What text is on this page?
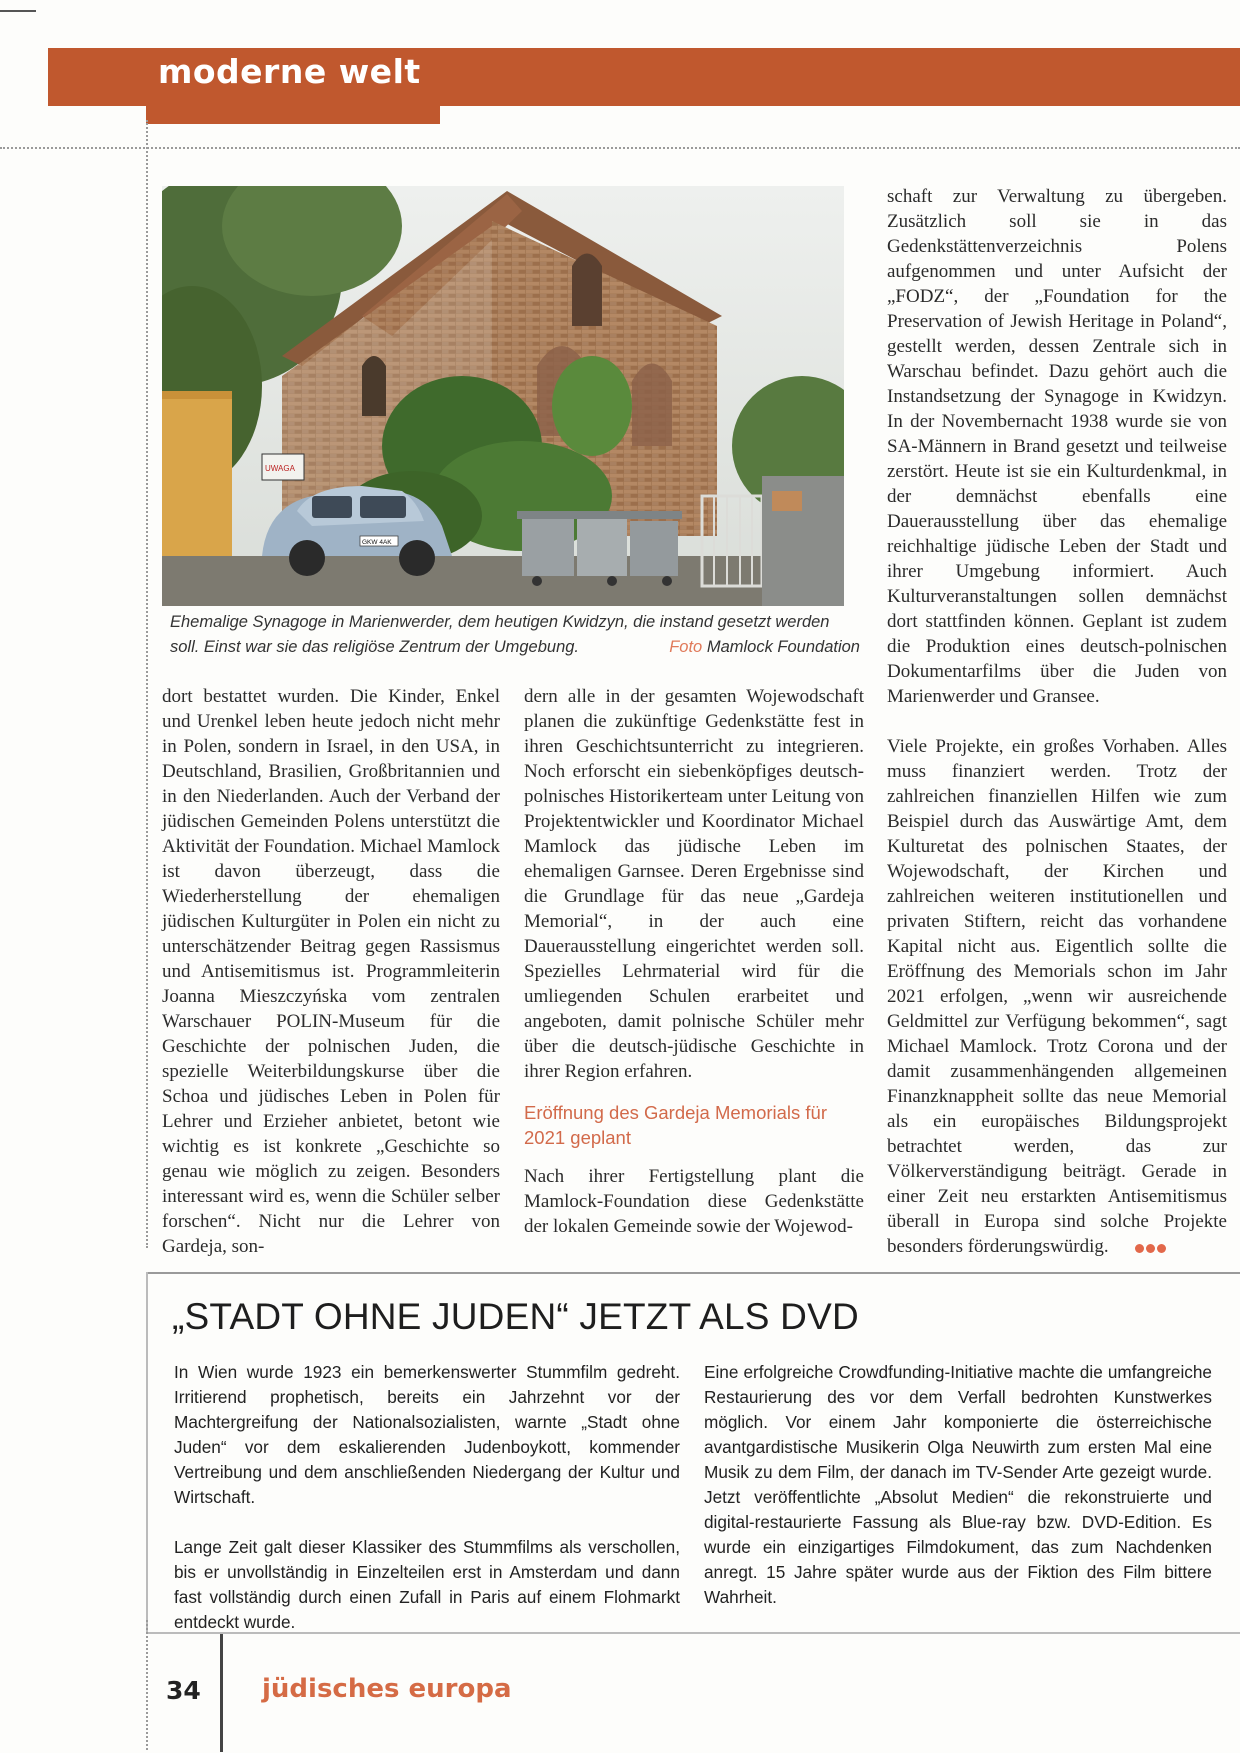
moderne welt
UWAGA
GKW 4AK
Ehemalige Synagoge in Marienwerder, dem heutigen Kwidzyn, die instand gesetzt werden soll. Einst war sie das religiöse Zentrum der Umgebung.	Foto Mamlock Foundation

dort bestattet wurden. Die Kinder, Enkel und Urenkel leben heute jedoch nicht mehr in Polen, sondern in Israel, in den USA, in Deutschland, Brasilien, Großbritannien und in den Niederlanden. Auch der Verband der jüdischen Gemeinden Polens unterstützt die Aktivität der Foundation. Michael Mamlock ist davon überzeugt, dass die Wiederherstellung der ehemaligen jüdischen Kulturgüter in Polen ein nicht zu unterschätzender Beitrag gegen Rassismus und Antisemitismus ist. Programmleiterin Joanna Mieszczyńska vom zentralen Warschauer POLIN-Museum für die Geschichte der polnischen Juden, die spezielle Weiterbildungskurse über die Schoa und jüdisches Leben in Polen für Lehrer und Erzieher anbietet, betont wie wichtig es ist konkrete „Geschichte so genau wie möglich zu zeigen. Besonders interessant wird es, wenn die Schüler selber forschen“. Nicht nur die Lehrer von Gardeja, son-

dern alle in der gesamten Wojewodschaft planen die zukünftige Gedenkstätte fest in ihren Geschichtsunterricht zu integrieren. Noch erforscht ein siebenköpfiges deutsch-polnisches Historikerteam unter Leitung von Projektentwickler und Koordinator Michael Mamlock das jüdische Leben im ehemaligen Garnsee. Deren Ergebnisse sind die Grundlage für das neue „Gardeja Memorial“, in der auch eine Dauerausstellung eingerichtet werden soll. Spezielles Lehrmaterial wird für die umliegenden Schulen erarbeitet und angeboten, damit polnische Schüler mehr über die deutsch-jüdische Geschichte in ihrer Region erfahren.

Eröffnung des Gardeja Memorials für 2021 geplant

Nach ihrer Fertigstellung plant die Mamlock-Foundation diese Gedenkstätte der lokalen Gemeinde sowie der Wojewod-

schaft zur Verwaltung zu übergeben. Zusätzlich soll sie in das Gedenkstättenverzeichnis Polens aufgenommen und unter Aufsicht der „FODZ“, der „Foundation for the Preservation of Jewish Heritage in Poland“, gestellt werden, dessen Zentrale sich in Warschau befindet. Dazu gehört auch die Instandsetzung der Synagoge in Kwidzyn. In der Novembernacht 1938 wurde sie von SA-Männern in Brand gesetzt und teilweise zerstört. Heute ist sie ein Kulturdenkmal, in der demnächst ebenfalls eine Dauerausstellung über das ehemalige reichhaltige jüdische Leben der Stadt und ihrer Umgebung informiert. Auch Kulturveranstaltungen sollen demnächst dort stattfinden können. Geplant ist zudem die Produktion eines deutsch-polnischen Dokumentarfilms über die Juden von Marienwerder und Gransee.

Viele Projekte, ein großes Vorhaben. Alles muss finanziert werden. Trotz der zahlreichen finanziellen Hilfen wie zum Beispiel durch das Auswärtige Amt, dem Kulturetat des polnischen Staates, der Wojewodschaft, der Kirchen und zahlreichen weiteren institutionellen und privaten Stiftern, reicht das vorhandene Kapital nicht aus. Eigentlich sollte die Eröffnung des Memorials schon im Jahr 2021 erfolgen, „wenn wir ausreichende Geldmittel zur Verfügung bekommen“, sagt Michael Mamlock. Trotz Corona und der damit zusammenhängenden allgemeinen Finanzknappheit sollte das neue Memorial als ein europäisches Bildungsprojekt betrachtet werden, das zur Völkerverständigung beiträgt. Gerade in einer Zeit neu erstarkten Antisemitismus überall in Europa sind solche Projekte besonders förderungswürdig.

„STADT OHNE JUDEN“ JETZT ALS DVD

In Wien wurde 1923 ein bemerkenswerter Stummfilm gedreht. Irritierend prophetisch, bereits ein Jahrzehnt vor der Machtergreifung der Nationalsozialisten, warnte „Stadt ohne Juden“ vor dem eskalierenden Judenboykott, kommender Vertreibung und dem anschließenden Niedergang der Kultur und Wirtschaft.

Lange Zeit galt dieser Klassiker des Stummfilms als verschollen, bis er unvollständig in Einzelteilen erst in Amsterdam und dann fast vollständig durch einen Zufall in Paris auf einem Flohmarkt entdeckt wurde.

Eine erfolgreiche Crowdfunding-Initiative machte die umfangreiche Restaurierung des vor dem Verfall bedrohten Kunstwerkes möglich. Vor einem Jahr komponierte die österreichische avantgardistische Musikerin Olga Neuwirth zum ersten Mal eine Musik zu dem Film, der danach im TV-Sender Arte gezeigt wurde. Jetzt veröffentlichte „Absolut Medien“ die rekonstruierte und digital-restaurierte Fassung als Blue-ray bzw. DVD-Edition. Es wurde ein einzigartiges Filmdokument, das zum Nachdenken anregt. 15 Jahre später wurde aus der Fiktion des Film bittere Wahrheit.

34 jüdisches europa
